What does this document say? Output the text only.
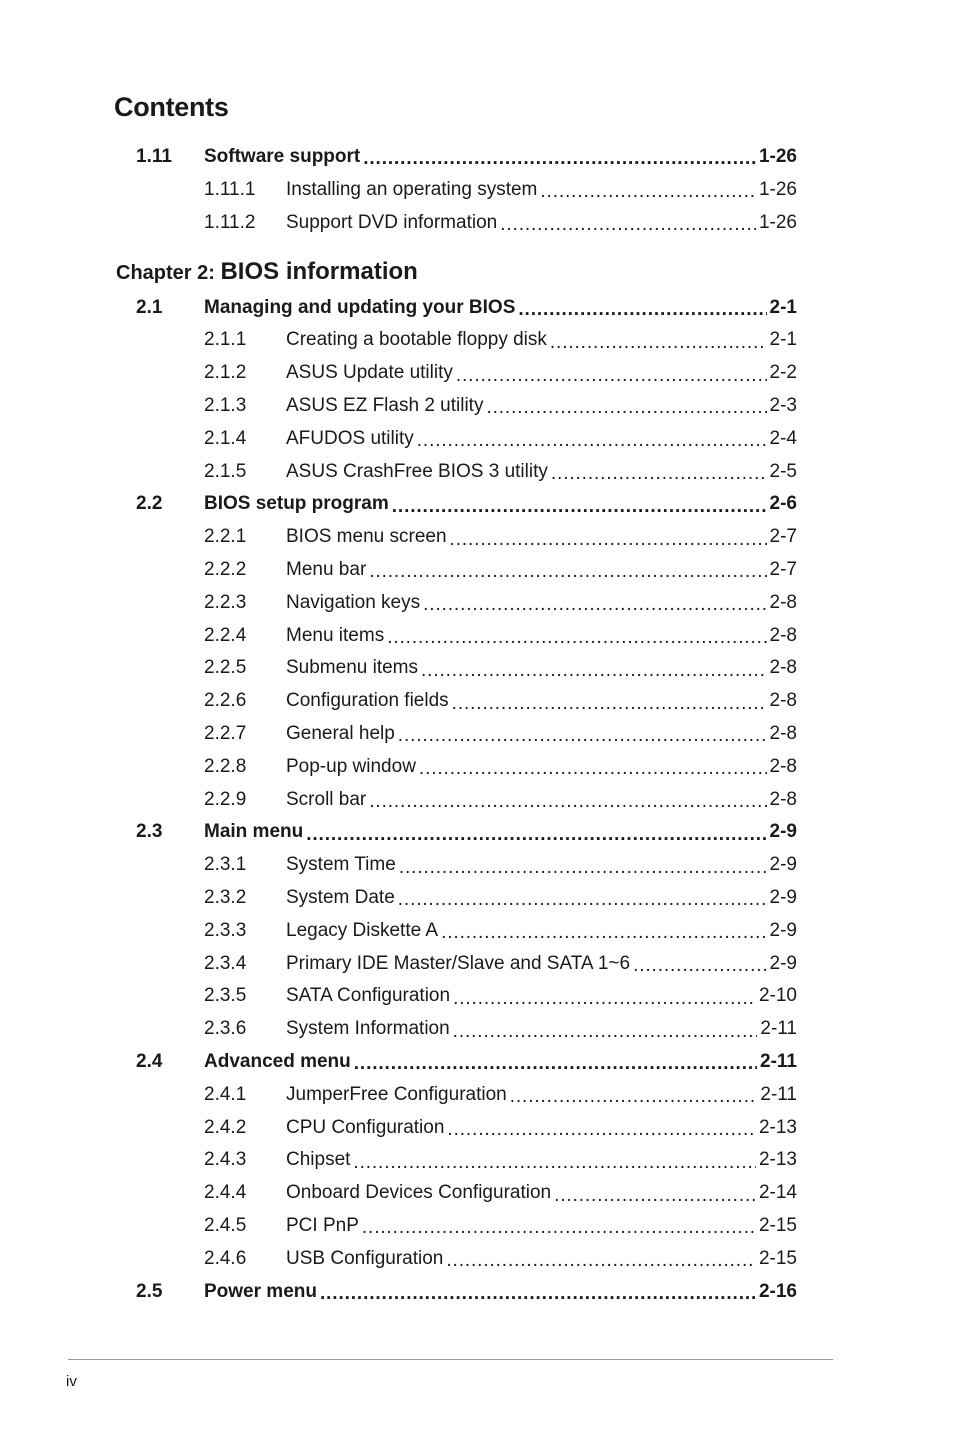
Contents
1.11	Software support . . .	1-26
1.11.1	Installing an operating system . . .	1-26
1.11.2	Support DVD information . . .	1-26
Chapter 2: BIOS information
2.1	Managing and updating your BIOS . . .	2-1
2.1.1	Creating a bootable floppy disk . . .	2-1
2.1.2	ASUS Update utility . . .	2-2
2.1.3	ASUS EZ Flash 2 utility . . .	2-3
2.1.4	AFUDOS utility . . .	2-4
2.1.5	ASUS CrashFree BIOS 3 utility . . .	2-5
2.2	BIOS setup program . . .	2-6
2.2.1	BIOS menu screen . . .	2-7
2.2.2	Menu bar . . .	2-7
2.2.3	Navigation keys . . .	2-8
2.2.4	Menu items . . .	2-8
2.2.5	Submenu items . . .	2-8
2.2.6	Configuration fields . . .	2-8
2.2.7	General help . . .	2-8
2.2.8	Pop-up window . . .	2-8
2.2.9	Scroll bar . . .	2-8
2.3	Main menu . . .	2-9
2.3.1	System Time . . .	2-9
2.3.2	System Date . . .	2-9
2.3.3	Legacy Diskette A . . .	2-9
2.3.4	Primary IDE Master/Slave and SATA 1~6 . . .	2-9
2.3.5	SATA Configuration . . .	2-10
2.3.6	System Information . . .	2-11
2.4	Advanced menu . . .	2-11
2.4.1	JumperFree Configuration . . .	2-11
2.4.2	CPU Configuration . . .	2-13
2.4.3	Chipset . . .	2-13
2.4.4	Onboard Devices Configuration . . .	2-14
2.4.5	PCI PnP . . .	2-15
2.4.6	USB Configuration . . .	2-15
2.5	Power menu . . .	2-16
iv
